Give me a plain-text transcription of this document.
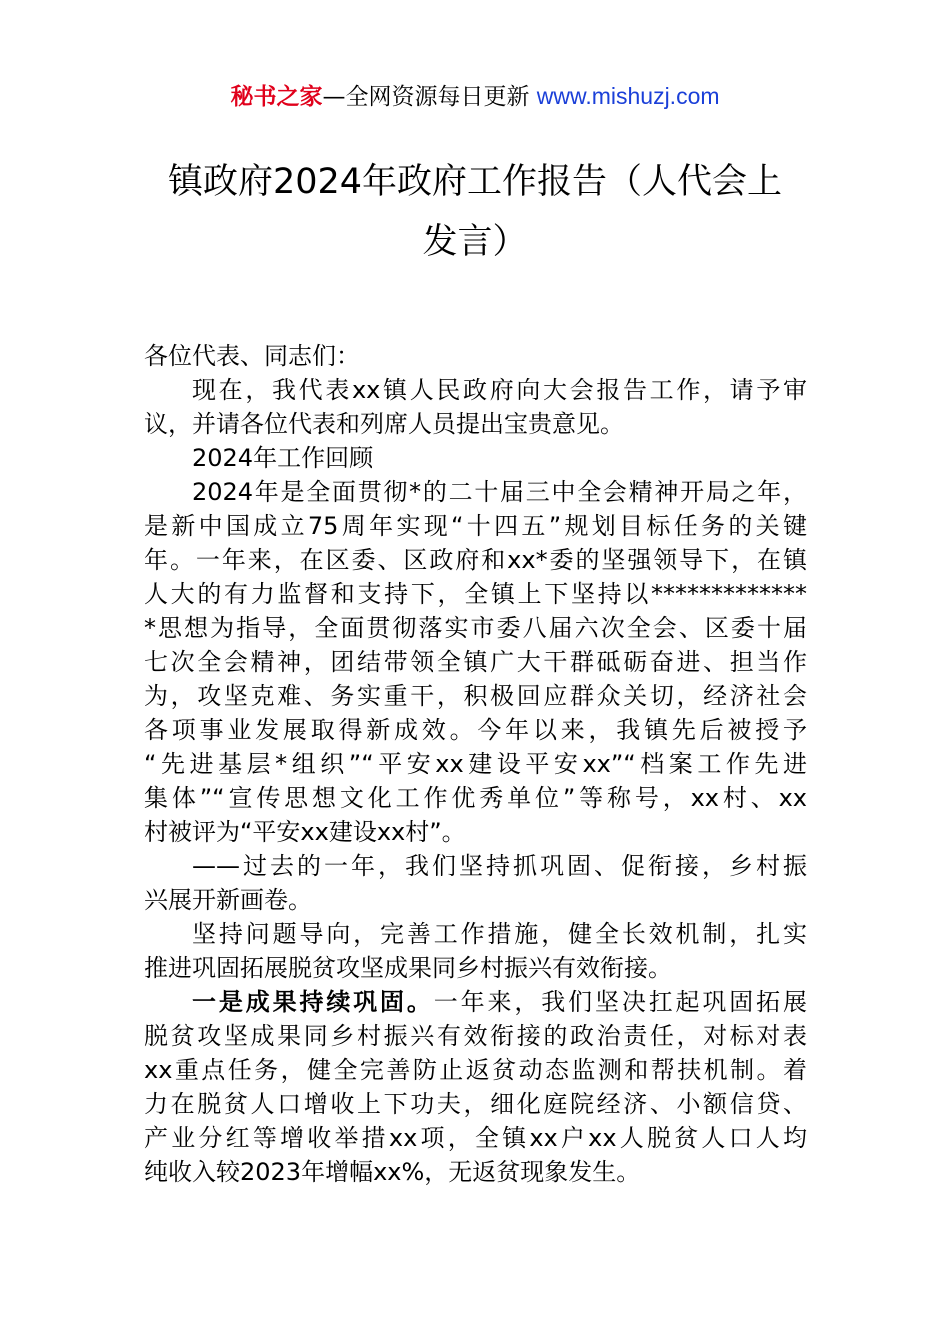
秘书之家—全网资源每日更新 www.mishuzj.com
镇政府2024年政府工作报告（人代会上
发言）

各位代表、同志们：

现在，我代表xx镇人民政府向大会报告工作，请予审
议，并请各位代表和列席人员提出宝贵意见。

2024年工作回顾

2024年是全面贯彻*的二十届三中全会精神开局之年，
是新中国成立75周年实现“十四五”规划目标任务的关键
年。一年来，在区委、区政府和xx*委的坚强领导下，在镇
人大的有力监督和支持下，全镇上下坚持以*************
*思想为指导，全面贯彻落实市委八届六次全会、区委十届
七次全会精神，团结带领全镇广大干群砥砺奋进、担当作
为，攻坚克难、务实重干，积极回应群众关切，经济社会
各项事业发展取得新成效。今年以来，我镇先后被授予
“先进基层*组织”“平安xx建设平安xx”“档案工作先进
集体”“宣传思想文化工作优秀单位”等称号，xx村、xx
村被评为“平安xx建设xx村”。

——过去的一年，我们坚持抓巩固、促衔接，乡村振
兴展开新画卷。

坚持问题导向，完善工作措施，健全长效机制，扎实
推进巩固拓展脱贫攻坚成果同乡村振兴有效衔接。

一是成果持续巩固。一年来，我们坚决扛起巩固拓展
脱贫攻坚成果同乡村振兴有效衔接的政治责任，对标对表
xx重点任务，健全完善防止返贫动态监测和帮扶机制。着
力在脱贫人口增收上下功夫，细化庭院经济、小额信贷、
产业分红等增收举措xx项，全镇xx户xx人脱贫人口人均
纯收入较2023年增幅xx%，无返贫现象发生。
